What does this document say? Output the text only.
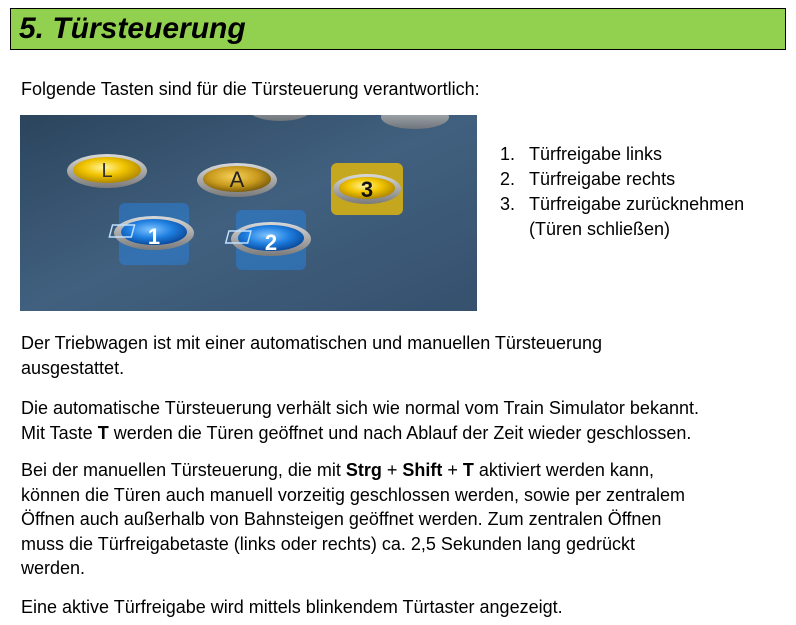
5. Türsteuerung
Folgende Tasten sind für die Türsteuerung verantwortlich:
L	A	3
1	2
1. Türfreigabe links
2. Türfreigabe rechts
3. Türfreigabe zurücknehmen
(Türen schließen)
Der Triebwagen ist mit einer automatischen und manuellen Türsteuerung
ausgestattet.
Die automatische Türsteuerung verhält sich wie normal vom Train Simulator bekannt.
Mit Taste T werden die Türen geöffnet und nach Ablauf der Zeit wieder geschlossen.
Bei der manuellen Türsteuerung, die mit Strg + Shift + T aktiviert werden kann,
können die Türen auch manuell vorzeitig geschlossen werden, sowie per zentralem
Öffnen auch außerhalb von Bahnsteigen geöffnet werden. Zum zentralen Öffnen
muss die Türfreigabetaste (links oder rechts) ca. 2,5 Sekunden lang gedrückt
werden.
Eine aktive Türfreigabe wird mittels blinkendem Türtaster angezeigt.
